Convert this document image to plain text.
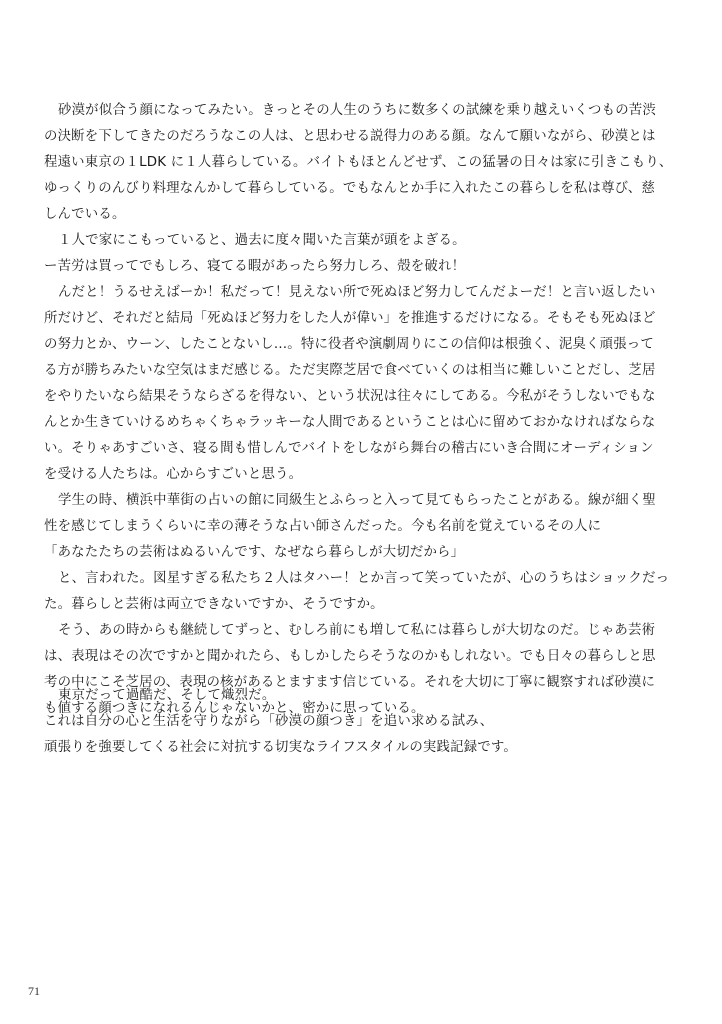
砂漠が似合う顔になってみたい。きっとその人生のうちに数多くの試練を乗り越えいくつもの苦渋

の決断を下してきたのだろうなこの人は、と思わせる説得力のある顔。なんて願いながら、砂漠とは

程遠い東京の１LDK に１人暮らしている。バイトもほとんどせず、この猛暑の日々は家に引きこもり、

ゆっくりのんびり料理なんかして暮らしている。でもなんとか手に入れたこの暮らしを私は尊び、慈

しんでいる。

１人で家にこもっていると、過去に度々聞いた言葉が頭をよぎる。

ー苦労は買ってでもしろ、寝てる暇があったら努力しろ、殻を破れ！

んだと！うるせえばーか！私だって！見えない所で死ぬほど努力してんだよーだ！と言い返したい

所だけど、それだと結局「死ぬほど努力をした人が偉い」を推進するだけになる。そもそも死ぬほど

の努力とか、ウーン、したことないし…。特に役者や演劇周りにこの信仰は根強く、泥臭く頑張って

る方が勝ちみたいな空気はまだ感じる。ただ実際芝居で食べていくのは相当に難しいことだし、芝居

をやりたいなら結果そうならざるを得ない、という状況は往々にしてある。今私がそうしないでもな

んとか生きていけるめちゃくちゃラッキーな人間であるということは心に留めておかなければならな

い。そりゃあすごいさ、寝る間も惜しんでバイトをしながら舞台の稽古にいき合間にオーディション

を受ける人たちは。心からすごいと思う。

学生の時、横浜中華街の占いの館に同級生とふらっと入って見てもらったことがある。線が細く聖

性を感じてしまうくらいに幸の薄そうな占い師さんだった。今も名前を覚えているその人に

「あなたたちの芸術はぬるいんです、なぜなら暮らしが大切だから」

と、言われた。図星すぎる私たち２人はタハー！とか言って笑っていたが、心のうちはショックだっ

た。暮らしと芸術は両立できないですか、そうですか。

そう、あの時からも継続してずっと、むしろ前にも増して私には暮らしが大切なのだ。じゃあ芸術

は、表現はその次ですかと聞かれたら、もしかしたらそうなのかもしれない。でも日々の暮らしと思

考の中にこそ芝居の、表現の核があるとますます信じている。それを大切に丁寧に観察すれば砂漠に

も値する顔つきになれるんじゃないかと、密かに思っている。

東京だって過酷だ、そして熾烈だ。

これは自分の心と生活を守りながら「砂漠の顔つき」を追い求める試み、

頑張りを強要してくる社会に対抗する切実なライフスタイルの実践記録です。

71
